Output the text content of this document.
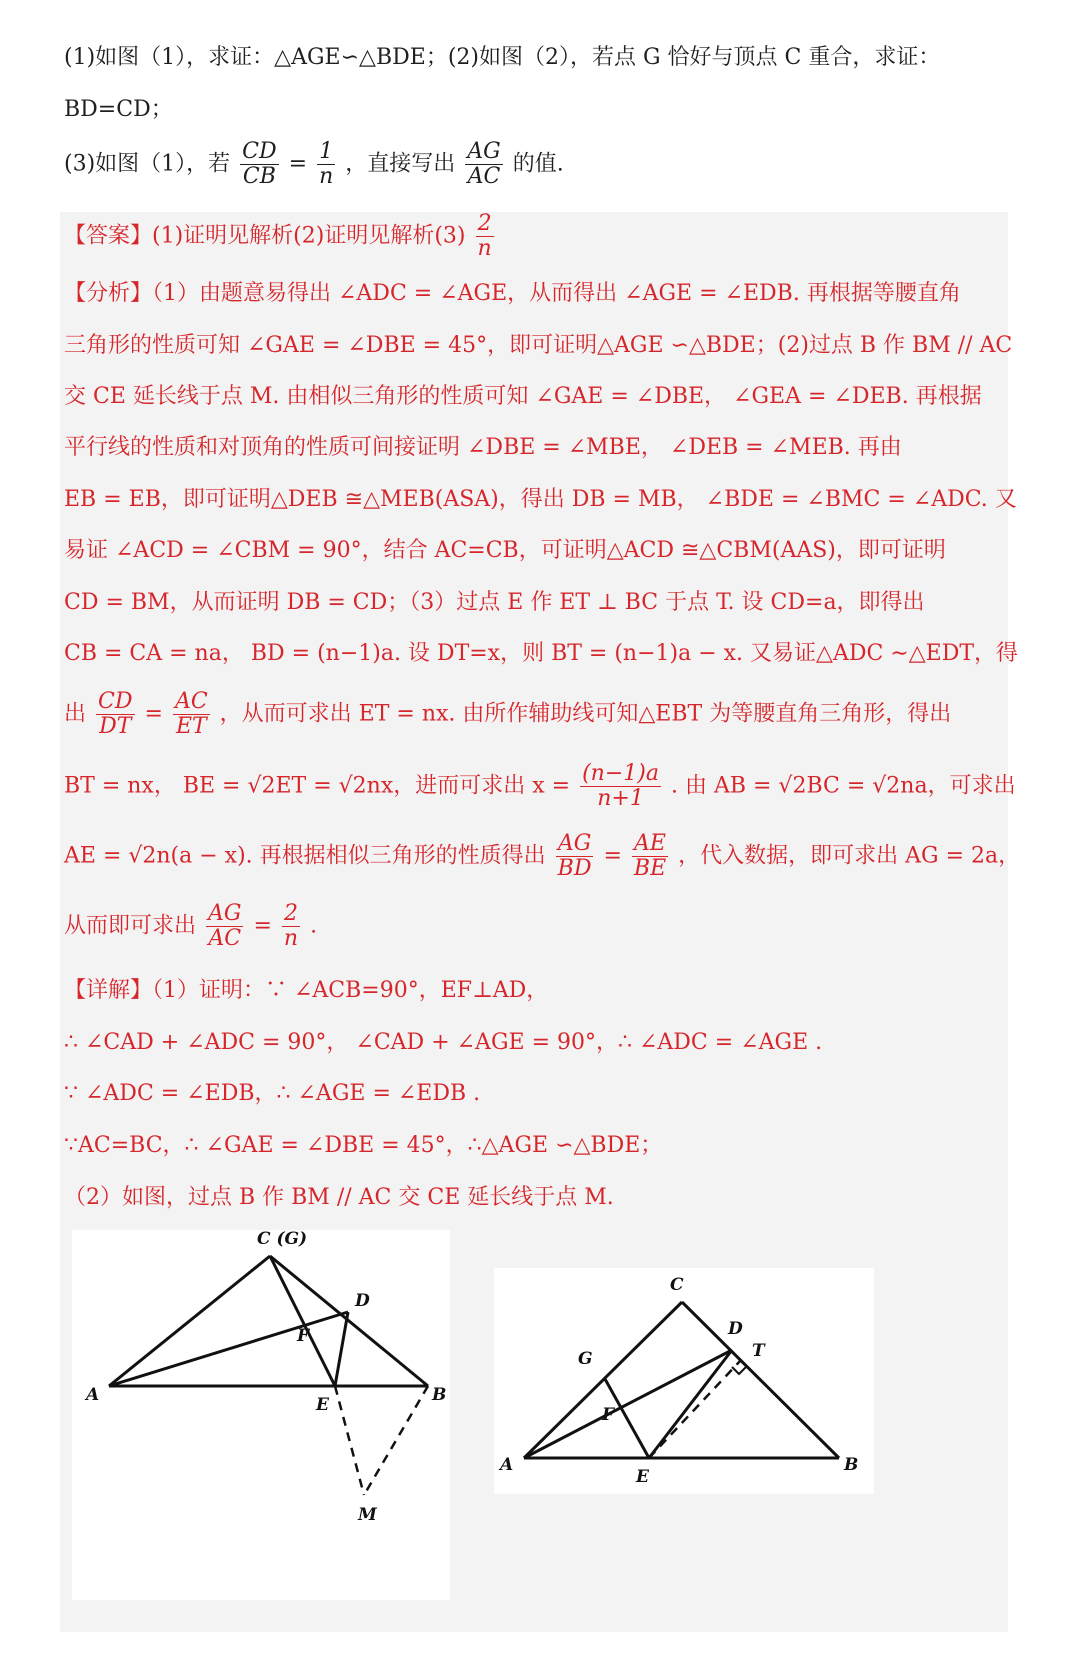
(1)如图（1），求证：△AGE∽△BDE；(2)如图（2），若点 G 恰好与顶点 C 重合，求证：
BD=CD；
(3)如图（1），若 $\frac{CD}{CB} = \frac{1}{n}$ ，直接写出 $\frac{AG}{AC}$ 的值.
【答案】(1)证明见解析(2)证明见解析$(3) \frac{2}{n}$
【分析】（1）由题意易得出 ∠ADC = ∠AGE，从而得出 ∠AGE = ∠EDB. 再根据等腰直角
三角形的性质可知 ∠GAE = ∠DBE = 45°，即可证明△AGE ∽△BDE；(2)过点 B 作 BM // AC
交 CE 延长线于点 M. 由相似三角形的性质可知 ∠GAE = ∠DBE， ∠GEA = ∠DEB. 再根据
平行线的性质和对顶角的性质可间接证明 ∠DBE = ∠MBE， ∠DEB = ∠MEB. 再由
EB = EB，即可证明△DEB ≅△MEB(ASA)，得出 DB = MB， ∠BDE = ∠BMC = ∠ADC. 又
易证 ∠ACD = ∠CBM = 90°，结合 AC=CB，可证明△ACD ≅△CBM(AAS)，即可证明
CD = BM，从而证明 DB = CD；（3）过点 E 作 ET ⊥ BC 于点 T. 设 CD=a，即得出
CB = CA = na， BD = (n−1)a. 设 DT=x，则 BT = (n−1)a − x. 又易证△ADC ∼△EDT，得
出 $\frac{CD}{DT} = \frac{AC}{ET}$ ，从而可求出 ET = nx. 由所作辅助线可知△EBT 为等腰直角三角形，得出
BT = nx， BE = √2ET = √2nx，进而可求出 $x = \frac{(n-1)a}{n+1}$ . 由 AB = √2BC = √2na，可求出
AE = √2n(a − x). 再根据相似三角形的性质得出 $\frac{AG}{BD} = \frac{AE}{BE}$ ，代入数据，即可求出 AG = 2a，
从而即可求出 $\frac{AG}{AC} = \frac{2}{n}$ .
【详解】（1）证明：∵ ∠ACB=90°，EF⊥AD，
∴ ∠CAD + ∠ADC = 90°， ∠CAD + ∠AGE = 90°，∴ ∠ADC = ∠AGE .
∵ ∠ADC = ∠EDB，∴ ∠AGE = ∠EDB .
∵AC=BC，∴ ∠GAE = ∠DBE = 45°，∴△AGE ∽△BDE；
（2）如图，过点 B 作 BM // AC 交 CE 延长线于点 M.
C (G)
D
F
A	E	B
M
C
D
T
G
F
A
E
B
